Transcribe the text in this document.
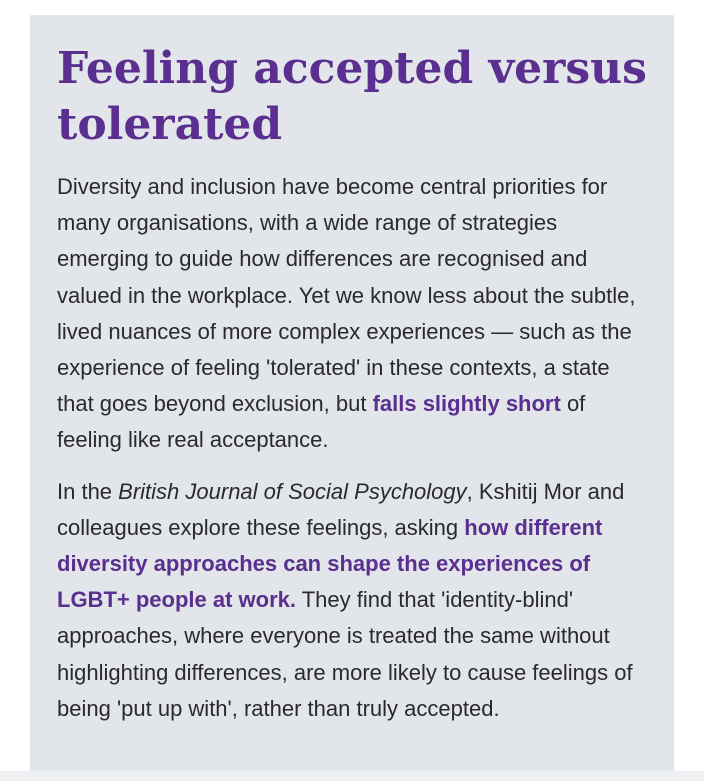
Feeling accepted versus tolerated

Diversity and inclusion have become central priorities for many organisations, with a wide range of strategies emerging to guide how differences are recognised and valued in the workplace. Yet we know less about the subtle, lived nuances of more complex experiences — such as the experience of feeling 'tolerated' in these contexts, a state that goes beyond exclusion, but falls slightly short of feeling like real acceptance.

In the British Journal of Social Psychology, Kshitij Mor and colleagues explore these feelings, asking how different diversity approaches can shape the experiences of LGBT+ people at work. They find that 'identity-blind' approaches, where everyone is treated the same without highlighting differences, are more likely to cause feelings of being 'put up with', rather than truly accepted.
